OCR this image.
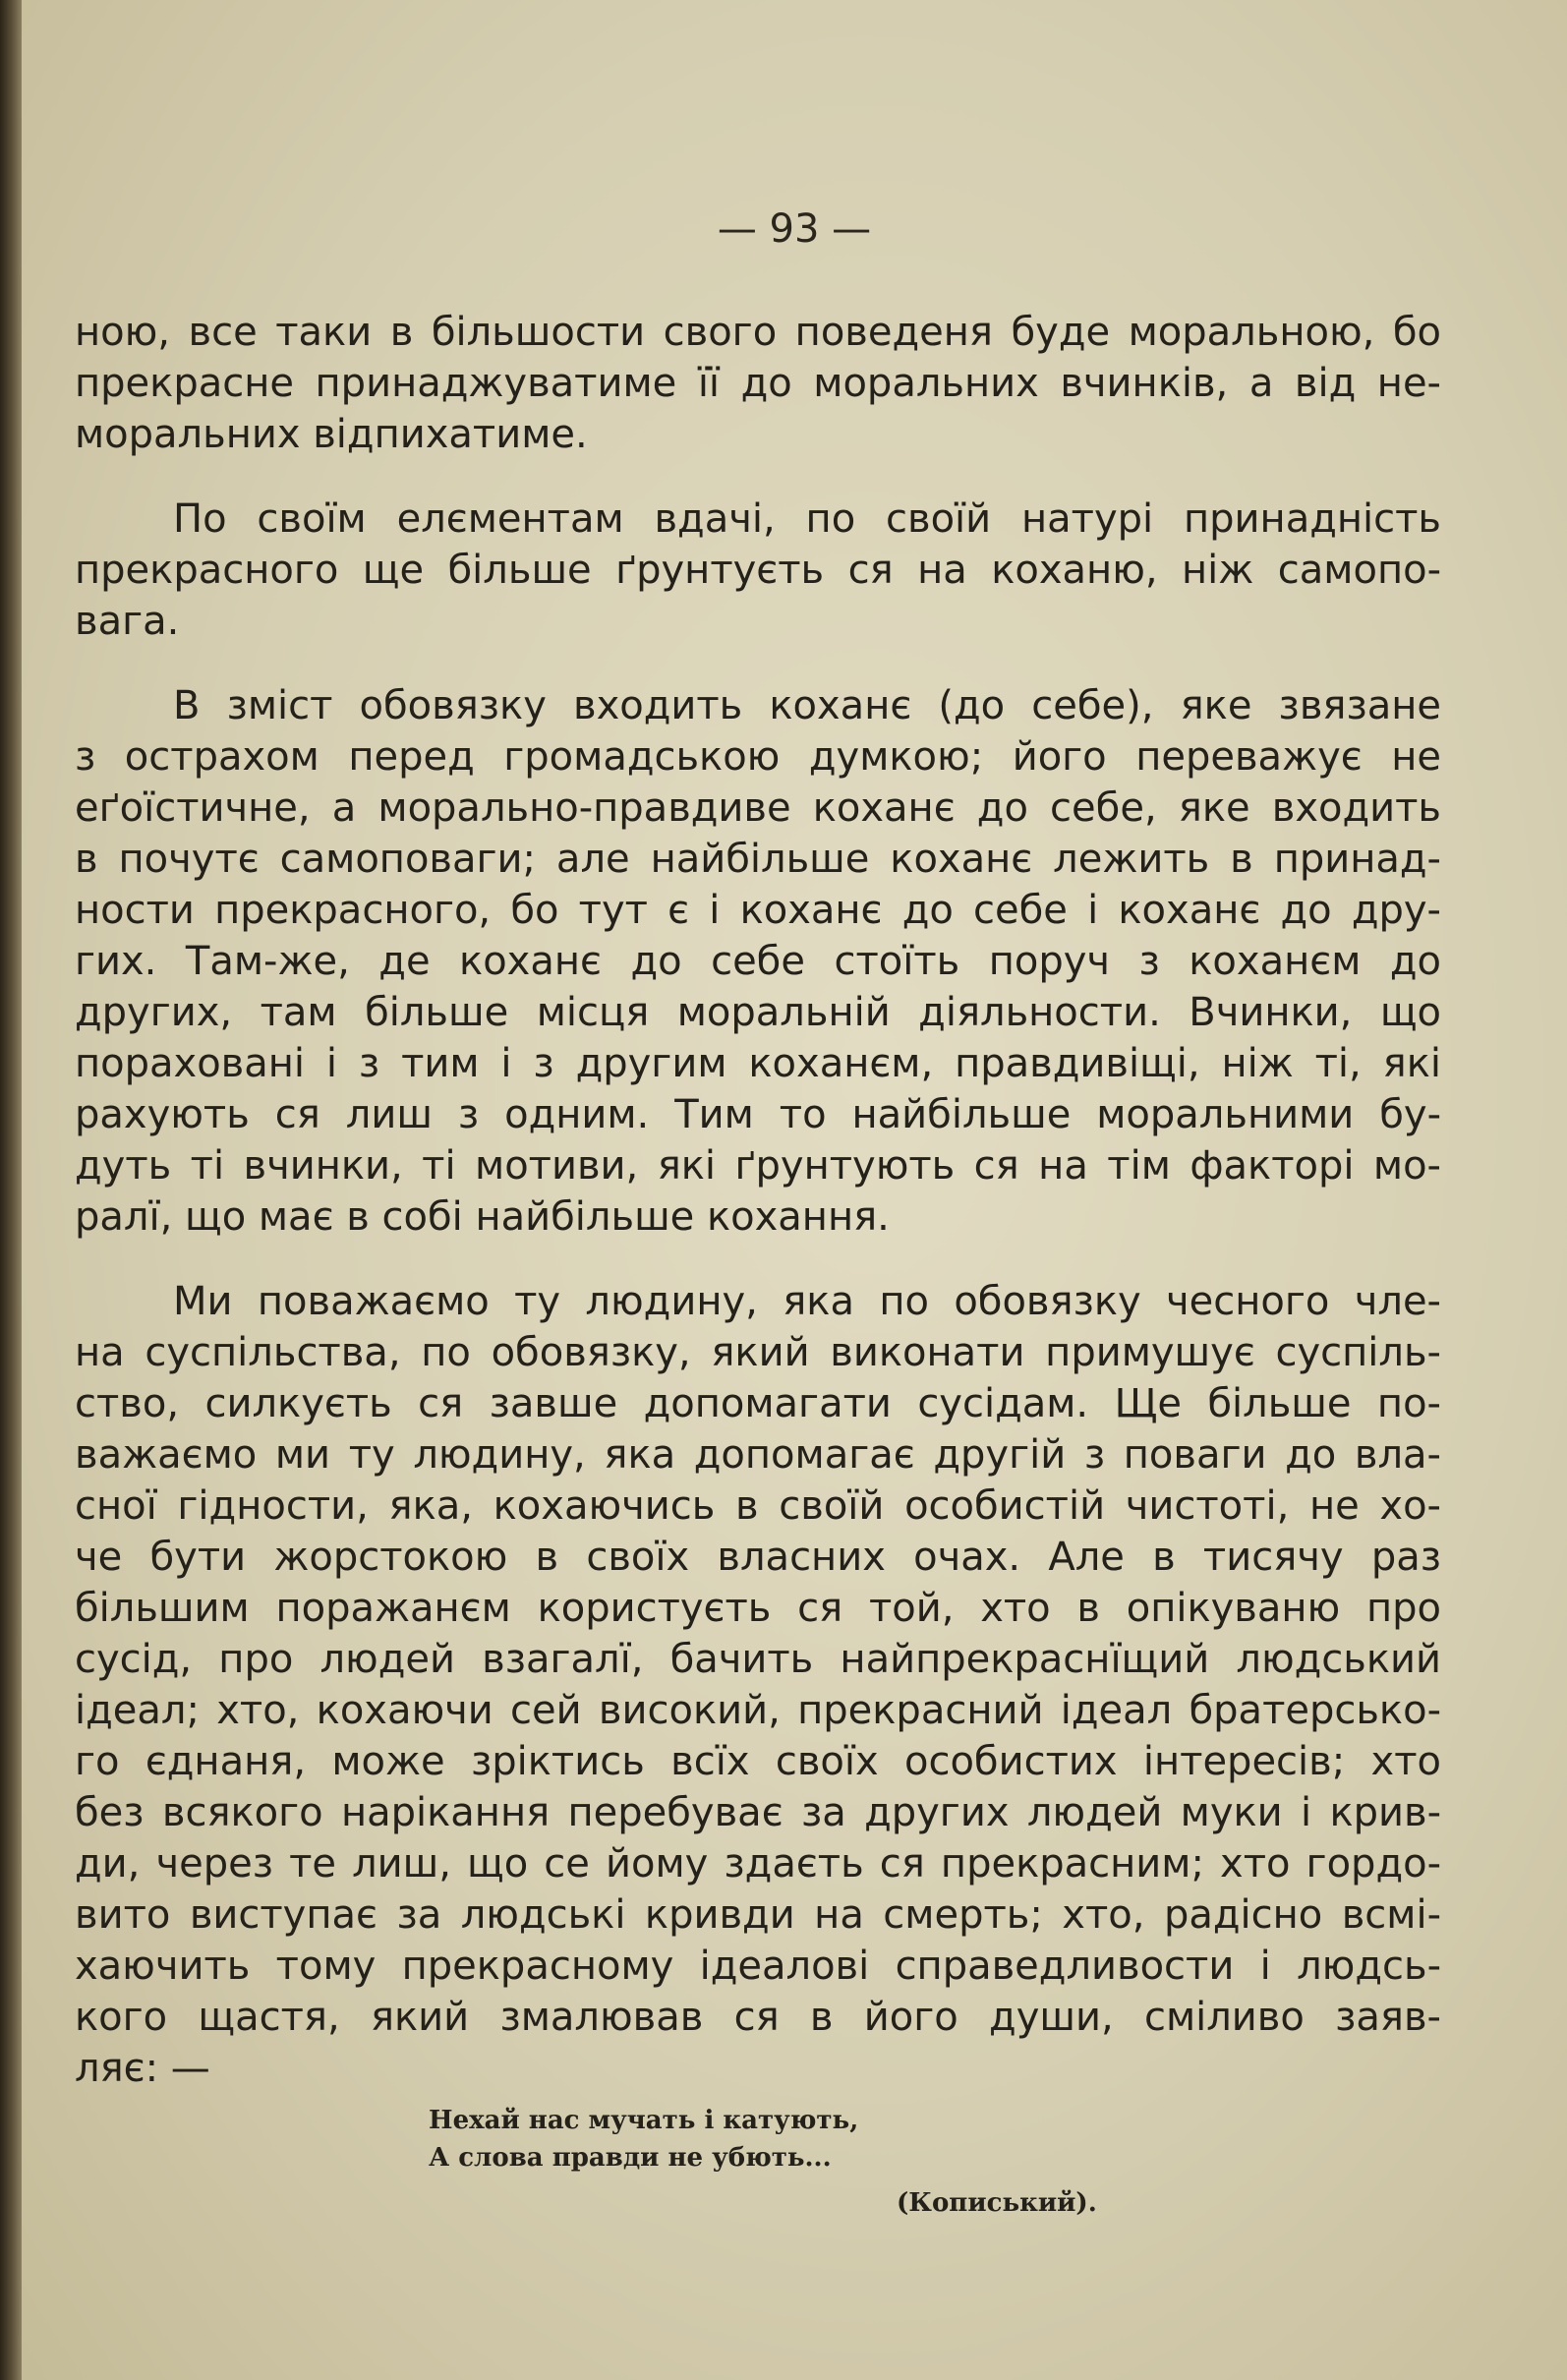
— 93 —
ною, все таки в більшости свого поведеня буде моральною, бо
прекрасне принаджуватиме її до моральних вчинків, а від не-
моральних відпихатиме.
По своїм елєментам вдачі, по своїй натурі принадність
прекрасного ще більше ґрунтуєть ся на коханю, ніж самопо-
вага.
В зміст обовязку входить коханє (до себе), яке звязане
з острахом перед громадською думкою; його переважує не
еґоїстичне, а морально-правдиве коханє до себе, яке входить
в почутє самоповаги; але найбільше коханє лежить в принад-
ности прекрасного, бо тут є і коханє до себе і коханє до дру-
гих. Там-же, де коханє до себе стоїть поруч з коханєм до
других, там більше місця моральній діяльности. Вчинки, що
пораховані і з тим і з другим коханєм, правдивіщі, ніж ті, які
рахують ся лиш з одним. Тим то найбільше моральними бу-
дуть ті вчинки, ті мотиви, які ґрунтують ся на тім факторі мо-
ралї, що має в собі найбільше кохання.
Ми поважаємо ту людину, яка по обовязку чесного чле-
на суспільства, по обовязку, який виконати примушує суспіль-
ство, силкуєть ся завше допомагати сусідам. Ще більше по-
важаємо ми ту людину, яка допомагає другій з поваги до вла-
сної гідности, яка, кохаючись в своїй особистій чистоті, не хо-
че бути жорстокою в своїх власних очах. Але в тисячу раз
більшим поражанєм користуєть ся той, хто в опікуваню про
сусід, про людей взагалї, бачить найпрекраснїщий людський
ідеал; хто, кохаючи сей високий, прекрасний ідеал братерсько-
го єднаня, може зріктись всїх своїх особистих інтересів; хто
без всякого нарікання перебуває за других людей муки і крив-
ди, через те лиш, що се йому здаєть ся прекрасним; хто гордо-
вито виступає за людські кривди на смерть; хто, радісно всмі-
хаючить тому прекрасному ідеалові справедливости і людсь-
кого щастя, який змалював ся в його души, сміливо заяв-
ляє: —
Нехай нас мучать і катують,
А слова правди не убють...
(Кописький).
